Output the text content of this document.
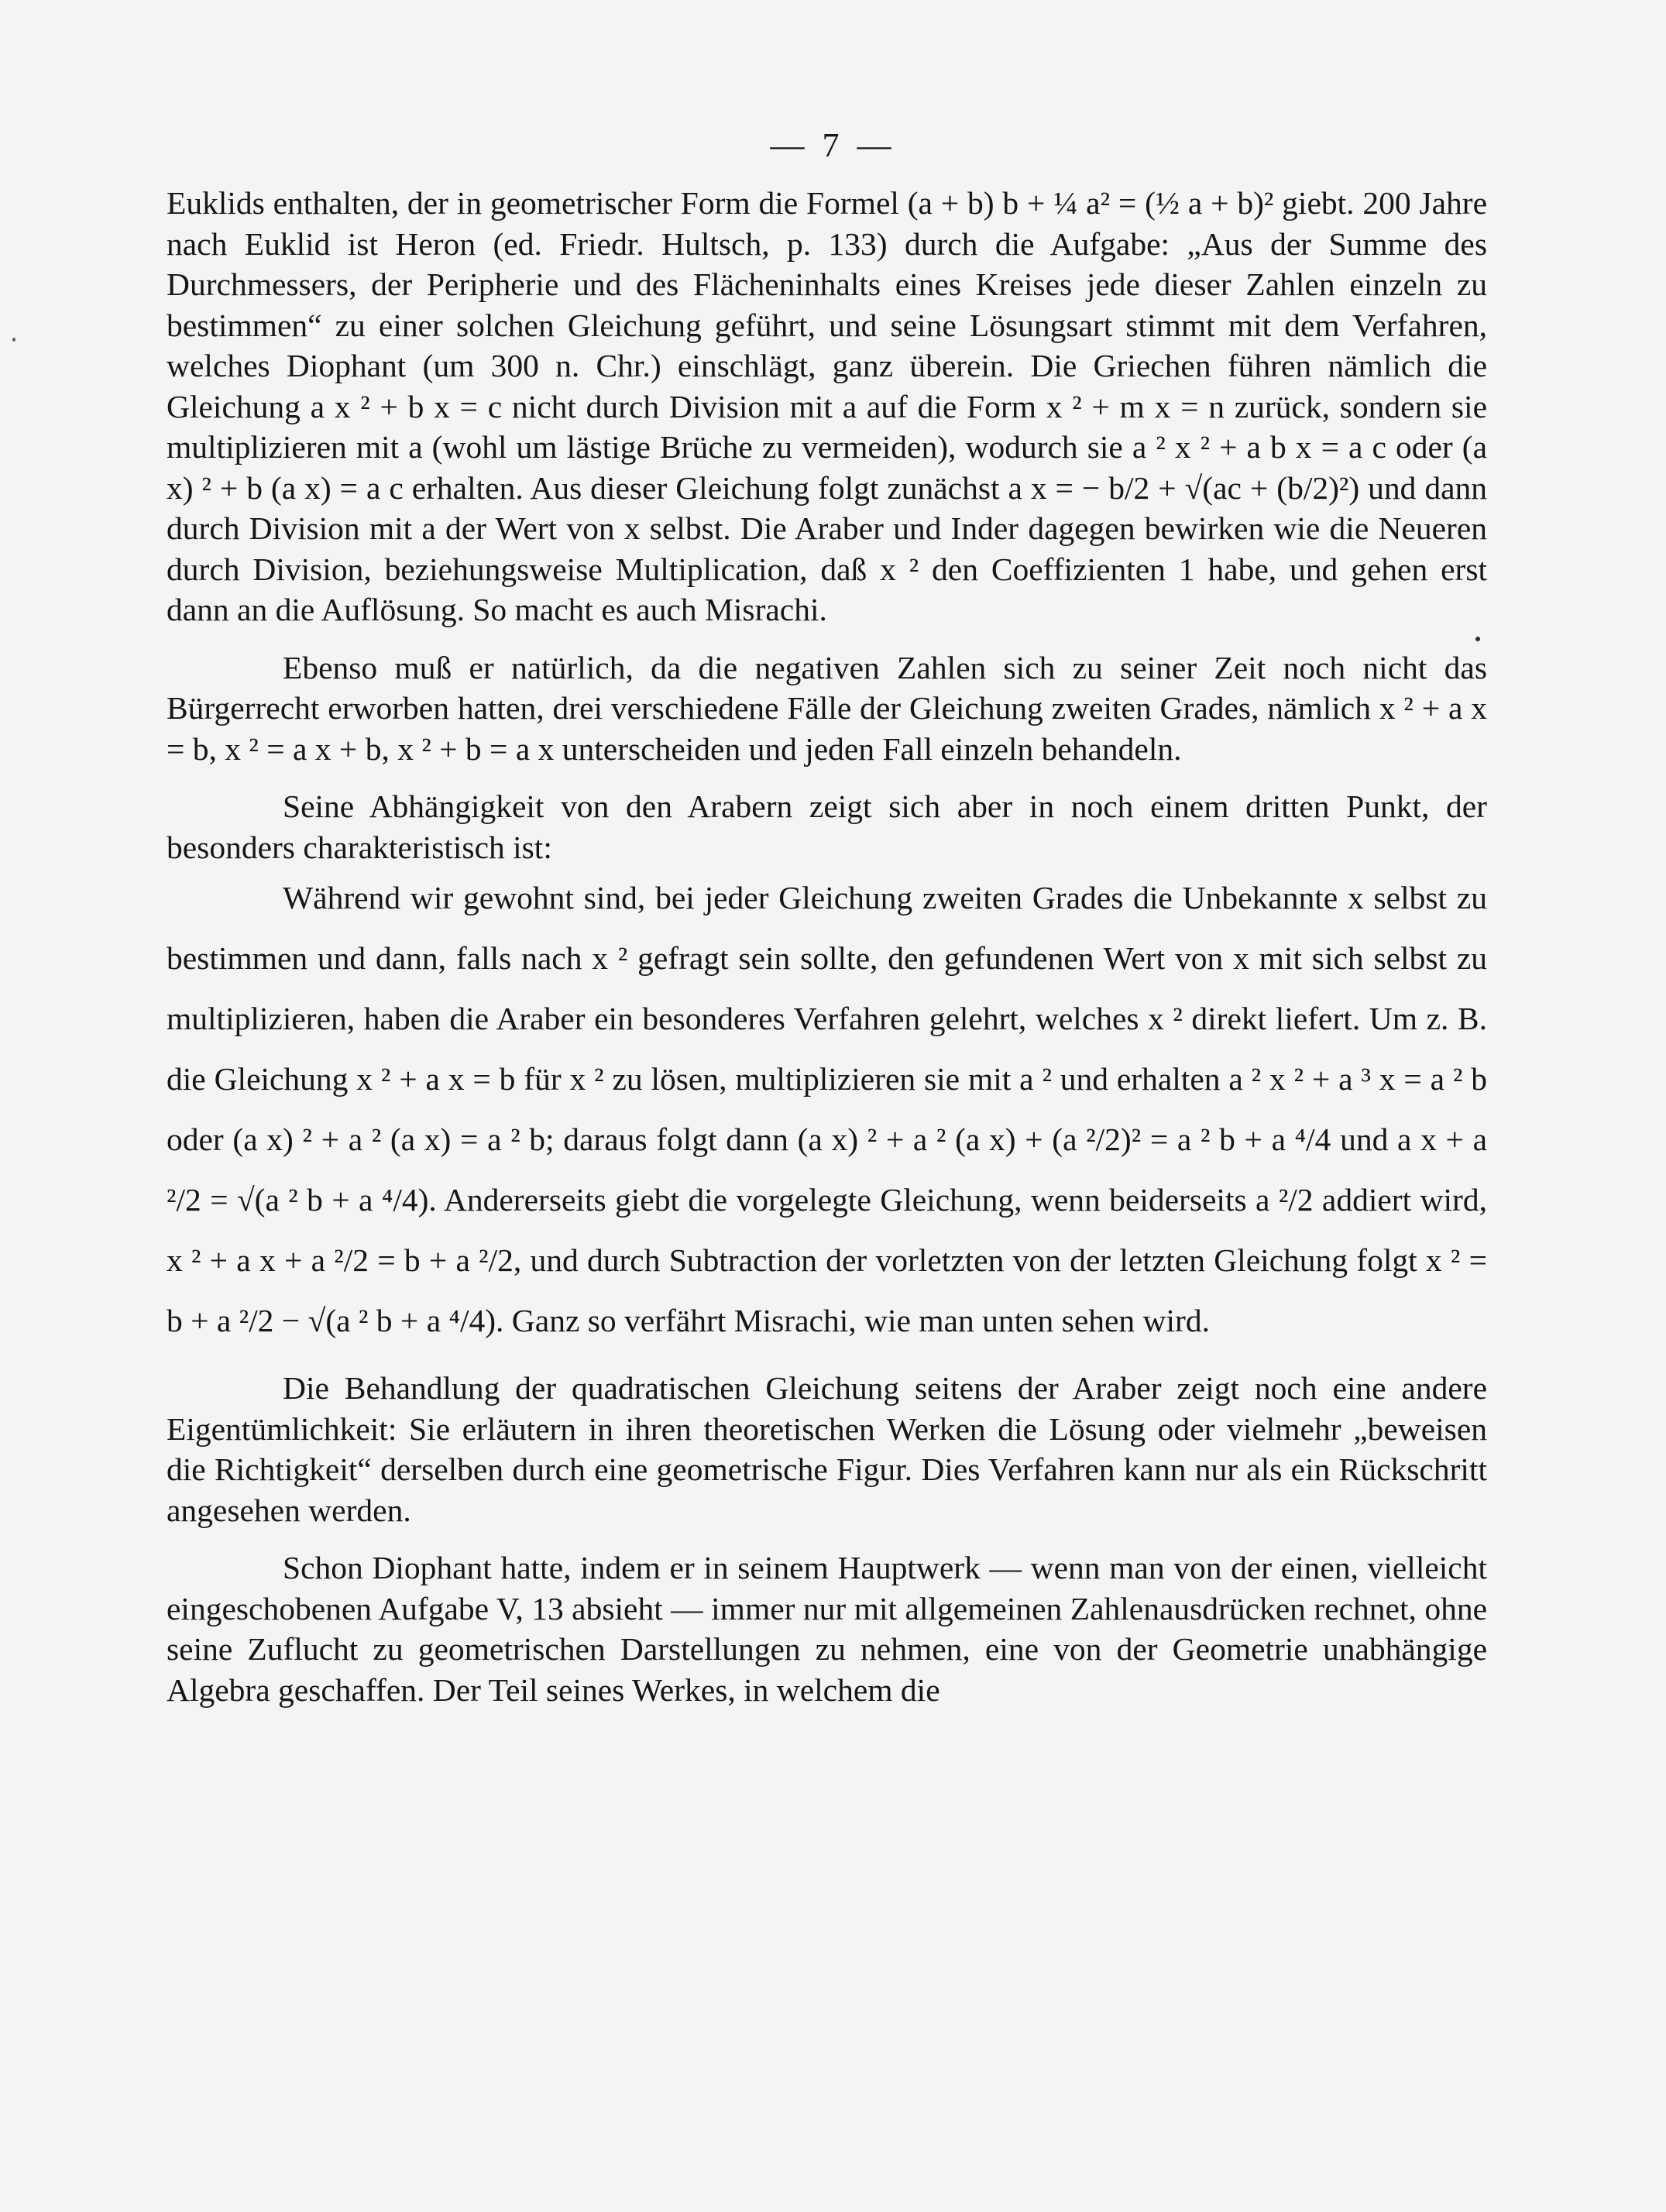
— 7 —

Euklids enthalten, der in geometrischer Form die Formel (a + b) b + ¼ a² = (½ a + b)² giebt. 200 Jahre nach Euklid ist Heron (ed. Friedr. Hultsch, p. 133) durch die Aufgabe: „Aus der Summe des Durchmessers, der Peripherie und des Flächeninhalts eines Kreises jede dieser Zahlen einzeln zu bestimmen“ zu einer solchen Gleichung geführt, und seine Lösungsart stimmt mit dem Verfahren, welches Diophant (um 300 n. Chr.) einschlägt, ganz überein. Die Griechen führen nämlich die Gleichung a x ² + b x = c nicht durch Division mit a auf die Form x ² + m x = n zurück, sondern sie multiplizieren mit a (wohl um lästige Brüche zu vermeiden), wodurch sie a ² x ² + a b x = a c oder (a x) ² + b (a x) = a c erhalten. Aus dieser Gleichung folgt zunächst a x = − b/2 + √(ac + (b/2)²) und dann durch Division mit a der Wert von x selbst. Die Araber und Inder dagegen bewirken wie die Neueren durch Division, beziehungsweise Multiplication, daß x ² den Coeffizienten 1 habe, und gehen erst dann an die Auflösung. So macht es auch Misrachi.

Ebenso muß er natürlich, da die negativen Zahlen sich zu seiner Zeit noch nicht das Bürgerrecht erworben hatten, drei verschiedene Fälle der Gleichung zweiten Grades, nämlich x ² + a x = b, x ² = a x + b, x ² + b = a x unterscheiden und jeden Fall einzeln behandeln.

Seine Abhängigkeit von den Arabern zeigt sich aber in noch einem dritten Punkt, der besonders charakteristisch ist:

Während wir gewohnt sind, bei jeder Gleichung zweiten Grades die Unbekannte x selbst zu bestimmen und dann, falls nach x ² gefragt sein sollte, den gefundenen Wert von x mit sich selbst zu multiplizieren, haben die Araber ein besonderes Verfahren gelehrt, welches x ² direkt liefert. Um z. B. die Gleichung x ² + a x = b für x ² zu lösen, multiplizieren sie mit a ² und erhalten a ² x ² + a ³ x = a ² b oder (a x) ² + a ² (a x) = a ² b; daraus folgt dann (a x) ² + a ² (a x) + (a ²/2)² = a ² b + a ⁴/4 und a x + a ²/2 = √(a ² b + a ⁴/4). Andererseits giebt die vorgelegte Gleichung, wenn beiderseits a ²/2 addiert wird, x ² + a x + a ²/2 = b + a ²/2, und durch Subtraction der vorletzten von der letzten Gleichung folgt x ² = b + a ²/2 − √(a ² b + a ⁴/4). Ganz so verfährt Misrachi, wie man unten sehen wird.

Die Behandlung der quadratischen Gleichung seitens der Araber zeigt noch eine andere Eigentümlichkeit: Sie erläutern in ihren theoretischen Werken die Lösung oder vielmehr „beweisen die Richtigkeit“ derselben durch eine geometrische Figur. Dies Verfahren kann nur als ein Rückschritt angesehen werden.

Schon Diophant hatte, indem er in seinem Hauptwerk — wenn man von der einen, vielleicht eingeschobenen Aufgabe V, 13 absieht — immer nur mit allgemeinen Zahlenausdrücken rechnet, ohne seine Zuflucht zu geometrischen Darstellungen zu nehmen, eine von der Geometrie unabhängige Algebra geschaffen. Der Teil seines Werkes, in welchem die
